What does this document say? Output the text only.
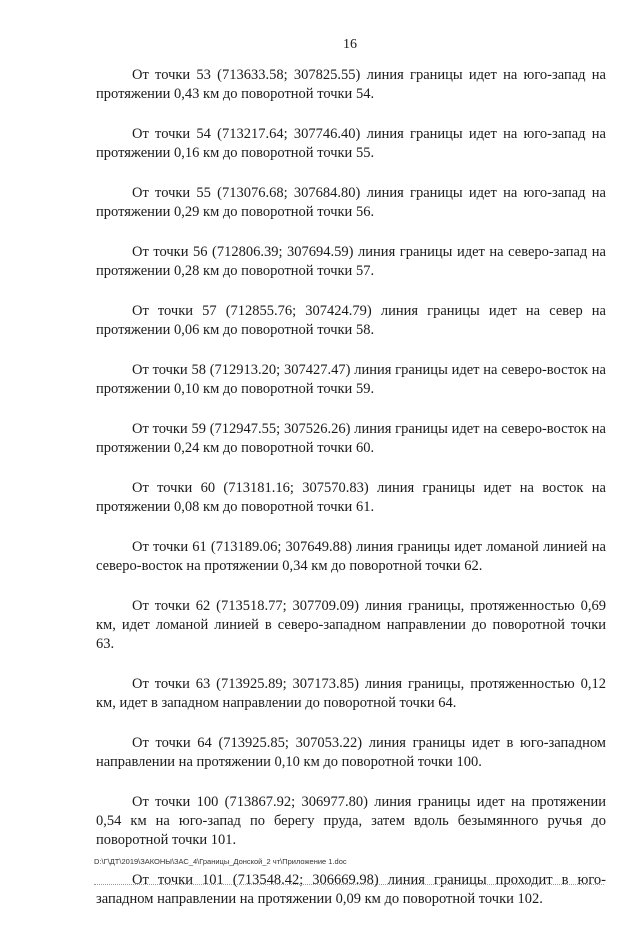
16

От точки 53 (713633.58; 307825.55) линия границы идет на юго-запад на протяжении 0,43 км до поворотной точки 54.

От точки 54 (713217.64; 307746.40) линия границы идет на юго-запад на протяжении 0,16 км до поворотной точки 55.

От точки 55 (713076.68; 307684.80) линия границы идет на юго-запад на протяжении 0,29 км до поворотной точки 56.

От точки 56 (712806.39; 307694.59) линия границы идет на северо-запад на протяжении 0,28 км до поворотной точки 57.

От точки 57 (712855.76; 307424.79) линия границы идет на север на протяжении 0,06 км до поворотной точки 58.

От точки 58 (712913.20; 307427.47) линия границы идет на северо-восток на протяжении 0,10 км до поворотной точки 59.

От точки 59 (712947.55; 307526.26) линия границы идет на северо-восток на протяжении 0,24 км до поворотной точки 60.

От точки 60 (713181.16; 307570.83) линия границы идет на восток на протяжении 0,08 км до поворотной точки 61.

От точки 61 (713189.06; 307649.88) линия границы идет ломаной линией на северо-восток на протяжении 0,34 км до поворотной точки 62.

От точки 62 (713518.77; 307709.09) линия границы, протяженностью 0,69 км, идет ломаной линией в северо-западном направлении до поворотной точки 63.

От точки 63 (713925.89; 307173.85) линия границы, протяженностью 0,12 км, идет в западном направлении до поворотной точки 64.

От точки 64 (713925.85; 307053.22) линия границы идет в юго-западном направлении на протяжении 0,10 км до поворотной точки 100.

От точки 100 (713867.92; 306977.80) линия границы идет на протяжении 0,54 км на юго-запад по берегу пруда, затем вдоль безымянного ручья до поворотной точки 101.

От точки 101 (713548.42; 306669.98) линия границы проходит в юго-западном направлении на протяжении 0,09 км до поворотной точки 102.

D:\Г\ДТ\2019\ЗАКОНЫ\ЗАС_4\Границы_Донской_2 чт\Приложение 1.doc
